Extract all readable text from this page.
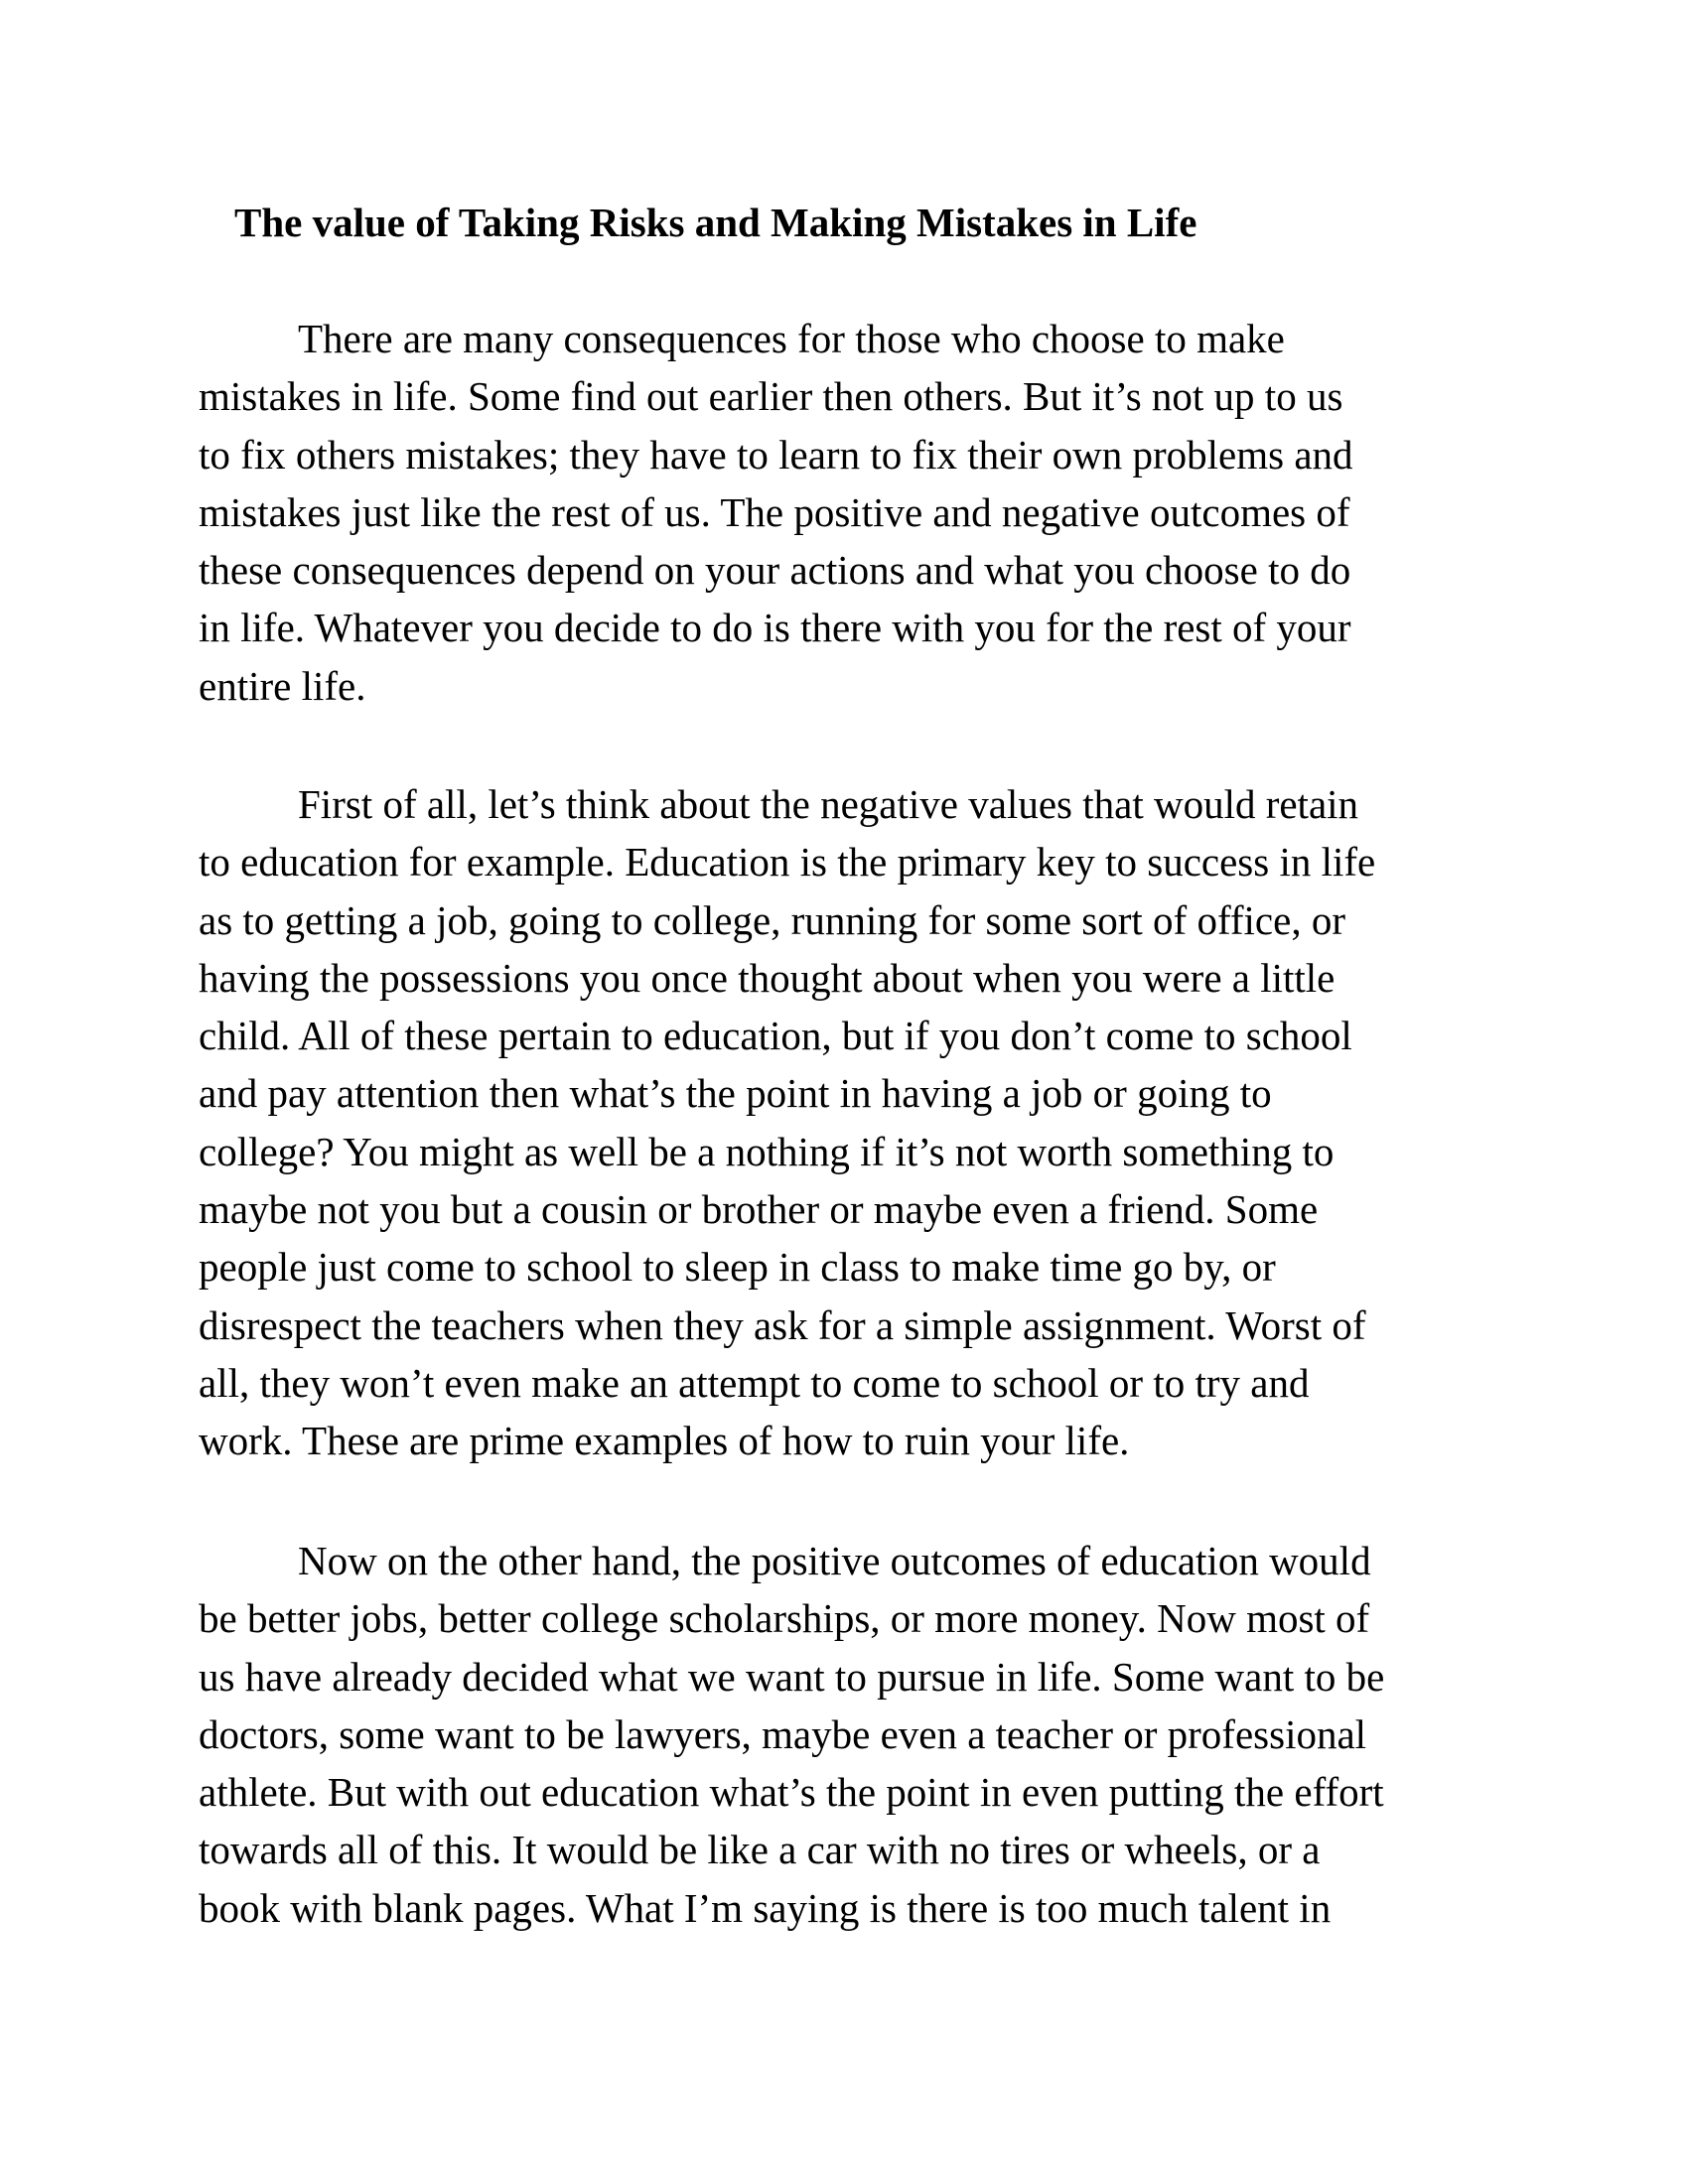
The value of Taking Risks and Making Mistakes in Life
There are many consequences for those who choose to make
mistakes in life. Some find out earlier then others. But it’s not up to us
to fix others mistakes; they have to learn to fix their own problems and
mistakes just like the rest of us. The positive and negative outcomes of
these consequences depend on your actions and what you choose to do
in life. Whatever you decide to do is there with you for the rest of your
entire life.
First of all, let’s think about the negative values that would retain
to education for example. Education is the primary key to success in life
as to getting a job, going to college, running for some sort of office, or
having the possessions you once thought about when you were a little
child. All of these pertain to education, but if you don’t come to school
and pay attention then what’s the point in having a job or going to
college? You might as well be a nothing if it’s not worth something to
maybe not you but a cousin or brother or maybe even a friend. Some
people just come to school to sleep in class to make time go by, or
disrespect the teachers when they ask for a simple assignment. Worst of
all, they won’t even make an attempt to come to school or to try and
work. These are prime examples of how to ruin your life.
Now on the other hand, the positive outcomes of education would
be better jobs, better college scholarships, or more money. Now most of
us have already decided what we want to pursue in life. Some want to be
doctors, some want to be lawyers, maybe even a teacher or professional
athlete. But with out education what’s the point in even putting the effort
towards all of this. It would be like a car with no tires or wheels, or a
book with blank pages. What I’m saying is there is too much talent in
